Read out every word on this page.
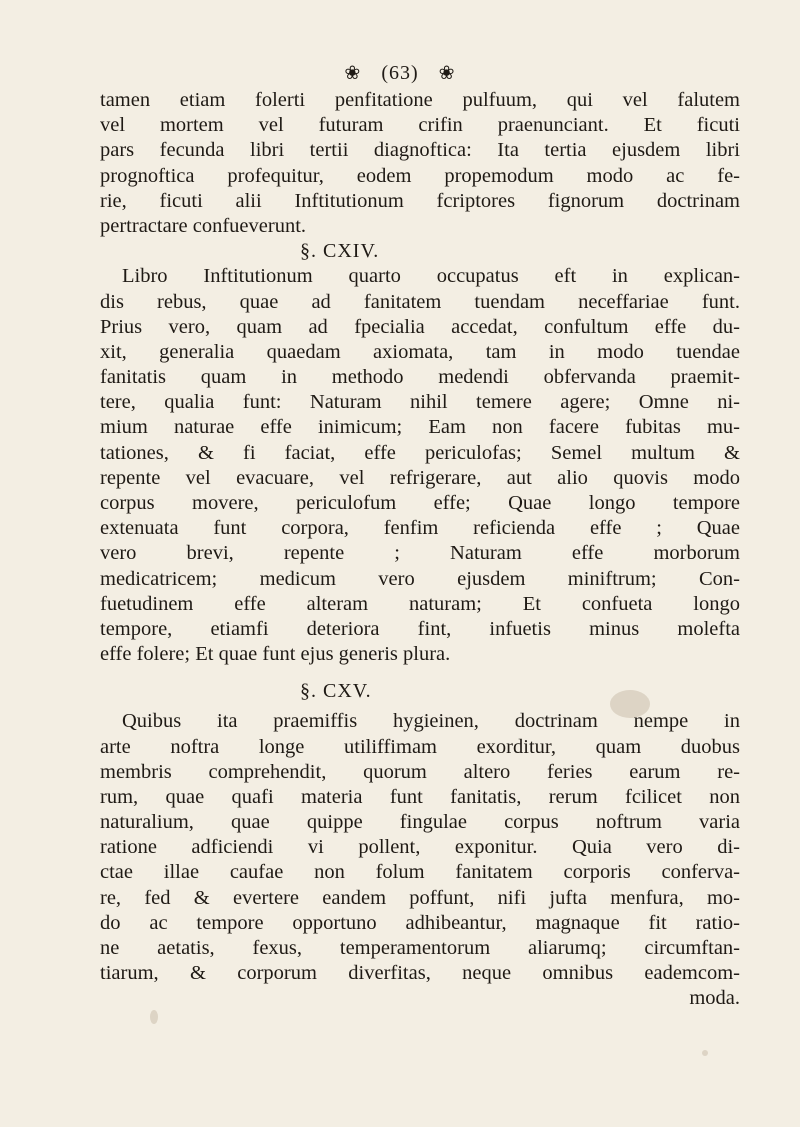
❀ (63) ❀
tamen etiam folerti penfitatione pulfuum, qui vel falutem
vel mortem vel futuram crifin praenunciant. Et ficuti
pars fecunda libri tertii diagnoftica: Ita tertia ejusdem libri
prognoftica profequitur, eodem propemodum modo ac fe-
rie, ficuti alii Inftitutionum fcriptores fignorum doctrinam
pertractare confueverunt.
§. CXIV.
Libro Inftitutionum quarto occupatus eft in explican-
dis rebus, quae ad fanitatem tuendam neceffariae funt.
Prius vero, quam ad fpecialia accedat, confultum effe du-
xit, generalia quaedam axiomata, tam in modo tuendae
fanitatis quam in methodo medendi obfervanda praemit-
tere, qualia funt: Naturam nihil temere agere; Omne ni-
mium naturae effe inimicum; Eam non facere fubitas mu-
tationes, & fi faciat, effe periculofas; Semel multum &
repente vel evacuare, vel refrigerare, aut alio quovis modo
corpus movere, periculofum effe; Quae longo tempore
extenuata funt corpora, fenfim reficienda effe ; Quae
vero brevi, repente ; Naturam effe morborum
medicatricem; medicum vero ejusdem miniftrum; Con-
fuetudinem effe alteram naturam; Et confueta longo
tempore, etiamfi deteriora fint, infuetis minus molefta
effe folere; Et quae funt ejus generis plura.
§. CXV.
Quibus ita praemiffis hygieinen, doctrinam nempe in
arte noftra longe utiliffimam exorditur, quam duobus
membris comprehendit, quorum altero feries earum re-
rum, quae quafi materia funt fanitatis, rerum fcilicet non
naturalium, quae quippe fingulae corpus noftrum varia
ratione adficiendi vi pollent, exponitur. Quia vero di-
ctae illae caufae non folum fanitatem corporis conferva-
re, fed & evertere eandem poffunt, nifi jufta menfura, mo-
do ac tempore opportuno adhibeantur, magnaque fit ratio-
ne aetatis, fexus, temperamentorum aliarumq; circumftan-
tiarum, & corporum diverfitas, neque omnibus eademcom-
moda.
